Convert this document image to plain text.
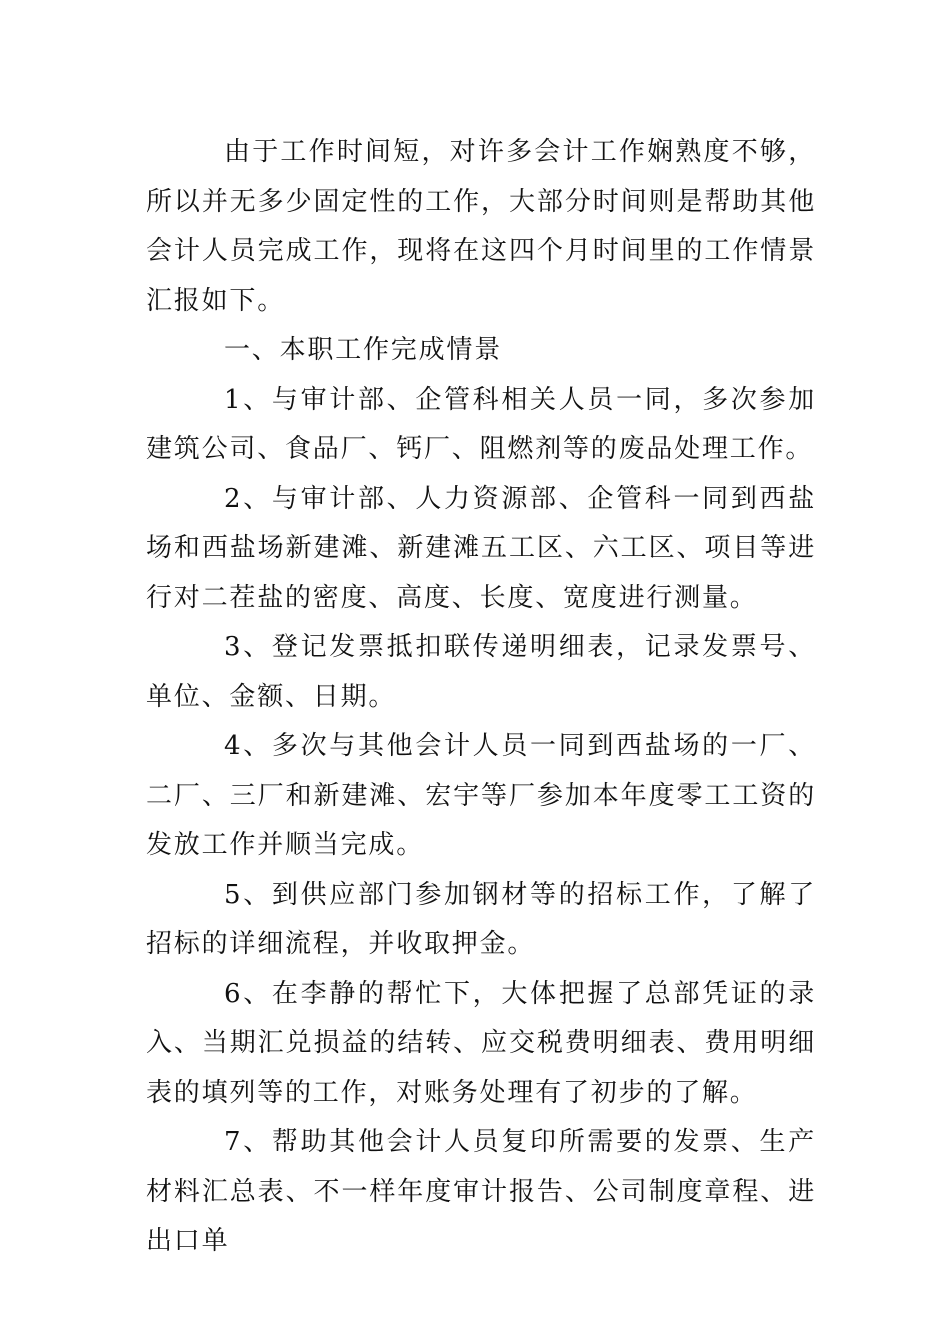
由于工作时间短，对许多会计工作娴熟度不够，所以并无多少固定性的工作，大部分时间则是帮助其他会计人员完成工作，现将在这四个月时间里的工作情景汇报如下。

一、本职工作完成情景

1、与审计部、企管科相关人员一同，多次参加建筑公司、食品厂、钙厂、阻燃剂等的废品处理工作。

2、与审计部、人力资源部、企管科一同到西盐场和西盐场新建滩、新建滩五工区、六工区、项目等进行对二茬盐的密度、高度、长度、宽度进行测量。

3、登记发票抵扣联传递明细表，记录发票号、单位、金额、日期。

4、多次与其他会计人员一同到西盐场的一厂、二厂、三厂和新建滩、宏宇等厂参加本年度零工工资的发放工作并顺当完成。

5、到供应部门参加钢材等的招标工作，了解了招标的详细流程，并收取押金。

6、在李静的帮忙下，大体把握了总部凭证的录入、当期汇兑损益的结转、应交税费明细表、费用明细表的填列等的工作，对账务处理有了初步的了解。

7、帮助其他会计人员复印所需要的发票、生产材料汇总表、不一样年度审计报告、公司制度章程、进出口单
